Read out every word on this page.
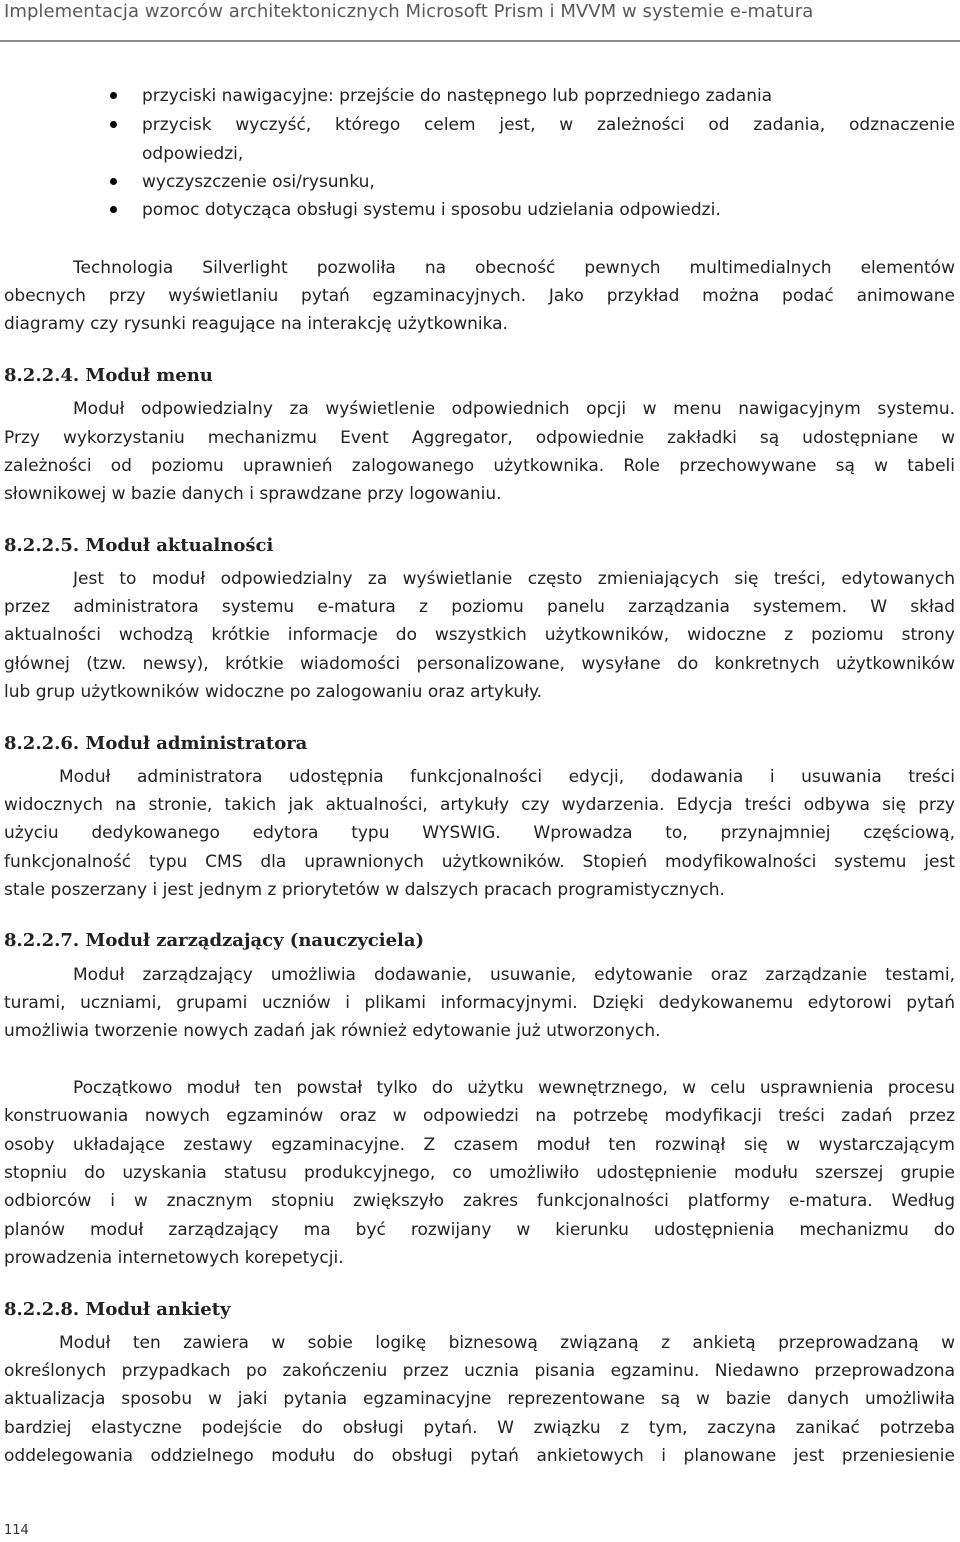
Implementacja wzorców architektonicznych Microsoft Prism i MVVM w systemie e-matura
przyciski nawigacyjne: przejście do następnego lub poprzedniego zadania
przycisk wyczyść, którego celem jest, w zależności od zadania, odznaczenie
odpowiedzi,
wyczyszczenie osi/rysunku,
pomoc dotycząca obsługi systemu i sposobu udzielania odpowiedzi.
Technologia Silverlight pozwoliła na obecność pewnych multimedialnych elementów
obecnych przy wyświetlaniu pytań egzaminacyjnych. Jako przykład można podać animowane
diagramy czy rysunki reagujące na interakcję użytkownika.
8.2.2.4. Moduł menu
Moduł odpowiedzialny za wyświetlenie odpowiednich opcji w menu nawigacyjnym systemu.
Przy wykorzystaniu mechanizmu Event Aggregator, odpowiednie zakładki są udostępniane w
zależności od poziomu uprawnień zalogowanego użytkownika. Role przechowywane są w tabeli
słownikowej w bazie danych i sprawdzane przy logowaniu.
8.2.2.5. Moduł aktualności
Jest to moduł odpowiedzialny za wyświetlanie często zmieniających się treści, edytowanych
przez administratora systemu e-matura z poziomu panelu zarządzania systemem. W skład
aktualności wchodzą krótkie informacje do wszystkich użytkowników, widoczne z poziomu strony
głównej (tzw. newsy), krótkie wiadomości personalizowane, wysyłane do konkretnych użytkowników
lub grup użytkowników widoczne po zalogowaniu oraz artykuły.
8.2.2.6. Moduł administratora
Moduł administratora udostępnia funkcjonalności edycji, dodawania i usuwania treści
widocznych na stronie, takich jak aktualności, artykuły czy wydarzenia. Edycja treści odbywa się przy
użyciu dedykowanego edytora typu WYSWIG. Wprowadza to, przynajmniej częściową,
funkcjonalność typu CMS dla uprawnionych użytkowników. Stopień modyfikowalności systemu jest
stale poszerzany i jest jednym z priorytetów w dalszych pracach programistycznych.
8.2.2.7. Moduł zarządzający (nauczyciela)
Moduł zarządzający umożliwia dodawanie, usuwanie, edytowanie oraz zarządzanie testami,
turami, uczniami, grupami uczniów i plikami informacyjnymi. Dzięki dedykowanemu edytorowi pytań
umożliwia tworzenie nowych zadań jak również edytowanie już utworzonych.
Początkowo moduł ten powstał tylko do użytku wewnętrznego, w celu usprawnienia procesu
konstruowania nowych egzaminów oraz w odpowiedzi na potrzebę modyfikacji treści zadań przez
osoby układające zestawy egzaminacyjne. Z czasem moduł ten rozwinął się w wystarczającym
stopniu do uzyskania statusu produkcyjnego, co umożliwiło udostępnienie modułu szerszej grupie
odbiorców i w znacznym stopniu zwiększyło zakres funkcjonalności platformy e-matura. Według
planów moduł zarządzający ma być rozwijany w kierunku udostępnienia mechanizmu do
prowadzenia internetowych korepetycji.
8.2.2.8. Moduł ankiety
Moduł ten zawiera w sobie logikę biznesową związaną z ankietą przeprowadzaną w
określonych przypadkach po zakończeniu przez ucznia pisania egzaminu. Niedawno przeprowadzona
aktualizacja sposobu w jaki pytania egzaminacyjne reprezentowane są w bazie danych umożliwiła
bardziej elastyczne podejście do obsługi pytań. W związku z tym, zaczyna zanikać potrzeba
oddelegowania oddzielnego modułu do obsługi pytań ankietowych i planowane jest przeniesienie
114
